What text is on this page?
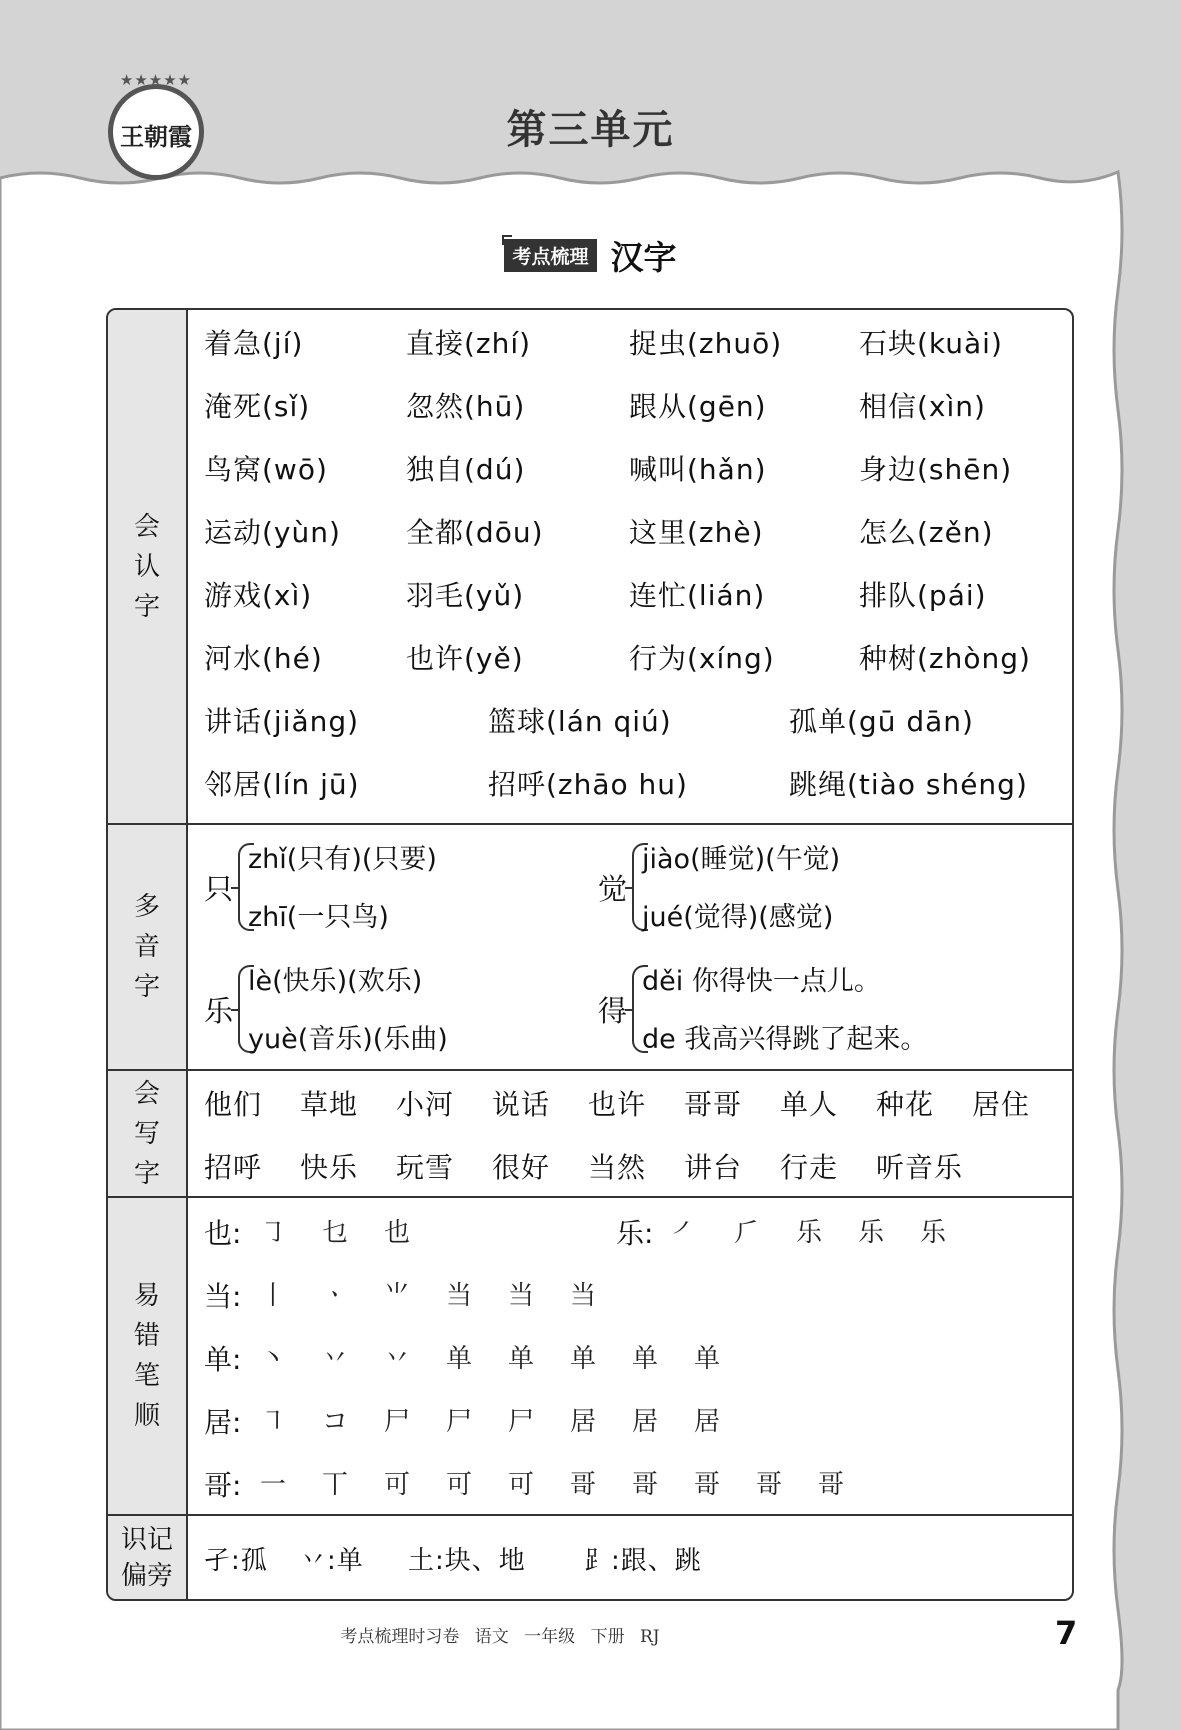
★★★★★
王朝霞	第三单元
考点梳理 汉字
会认字
着急(jí)	直接(zhí)	捉虫(zhuō)	石块(kuài)
淹死(sǐ)	忽然(hū)	跟从(gēn)	相信(xìn)
鸟窝(wō)	独自(dú)	喊叫(hǎn)	身边(shēn)
运动(yùn) 全都(dōu)	这里(zhè)	怎么(zěn)
游戏(xì)	羽毛(yǔ)	连忙(lián)	排队(pái)
河水(hé)	也许(yě)	行为(xíng)	种树(zhòng)
讲话(jiǎng)	篮球(lán qiú)	孤单(gū dān)
邻居(lín jū)	招呼(zhāo hu)	跳绳(tiào shéng)
多音字
只
zhǐ(只有)(只要)
zhī(一只鸟)
觉
jiào(睡觉)(午觉)
jué(觉得)(感觉)
乐
lè(快乐)(欢乐)
yuè(音乐)(乐曲)
得
děi 你得快一点儿。
de 我高兴得跳了起来。
会写字
他们 草地 小河 说话 也许 哥哥 单人 种花 居住
招呼 快乐 玩雪 很好 当然 讲台 行走 听音乐
易错笔顺
也: ㇆ 乜 也	乐: ㇒ ⺁ 乐 乐 乐
当: 丨 ㆍ ⺌ 当 当 当
单: 丶 丷 丷 单 单 单 单 单
居: ㇕ コ 尸 尸 尸 居 居 居
哥: 一 丅 可 可 可 哥 哥 哥 哥 哥
识记偏旁 孑:孤 丷:单 土:块、地 ⻊:跟、跳
考点梳理时习卷 语文 一年级 下册 RJ	7
